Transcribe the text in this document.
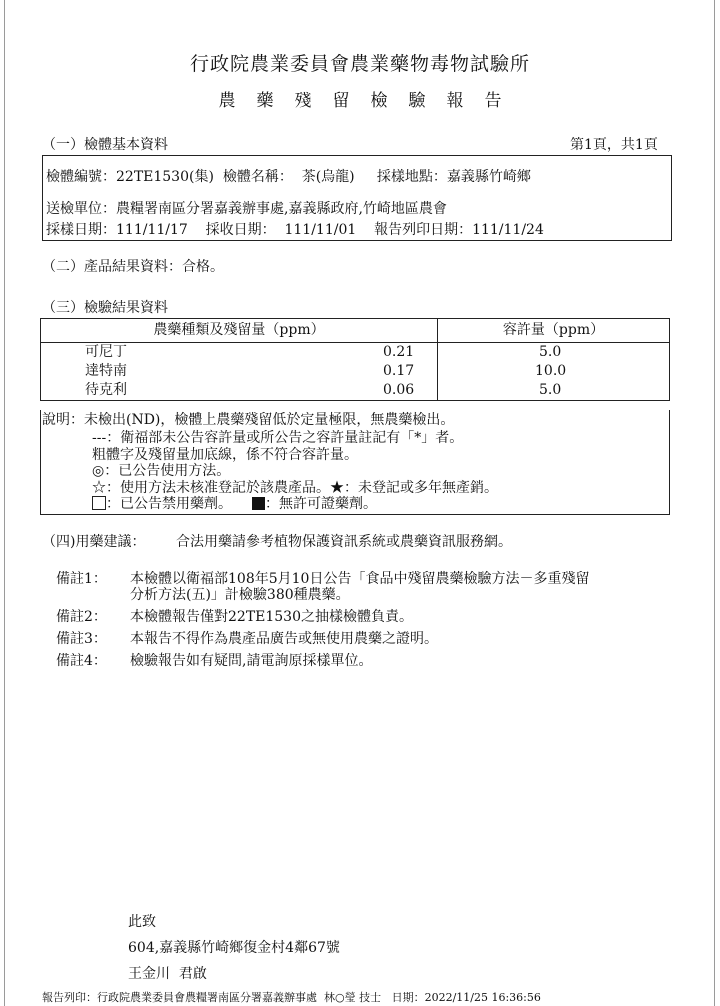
行政院農業委員會農業藥物毒物試驗所
農藥殘留檢驗報告
（一）檢體基本資料	第1頁，共1頁
檢體編號：22TE1530(集)  檢體名稱：  茶(烏龍)     採樣地點：嘉義縣竹崎鄉
送檢單位：農糧署南區分署嘉義辦事處,嘉義縣政府,竹崎地區農會
採樣日期：111/11/17    採收日期：  111/11/01    報告列印日期：111/11/24
（二）產品結果資料：合格。
（三）檢驗結果資料
農藥種類及殘留量（ppm）	容許量（ppm）
可尼丁 0.21	5.0
達特南 0.17	10.0
待克利 0.06	5.0
說明：未檢出(ND)，檢體上農藥殘留低於定量極限，無農藥檢出。
---：衛福部未公告容許量或所公告之容許量註記有「*」者。
粗體字及殘留量加底線，係不符合容許量。
◎：已公告使用方法。
☆：使用方法未核准登記於該農產品。★：未登記或多年無產銷。
：已公告禁用藥劑。 ：無許可證藥劑。
（四)用藥建議： 合法用藥請參考植物保護資訊系統或農藥資訊服務網。
備註1： 本檢體以衛福部108年5月10日公告「食品中殘留農藥檢驗方法－多重殘留
分析方法(五)」計檢驗380種農藥。
備註2： 本檢體報告僅對22TE1530之抽樣檢體負責。
備註3： 本報告不得作為農產品廣告或無使用農藥之證明。
備註4： 檢驗報告如有疑問,請電詢原採樣單位。
此致
604,嘉義縣竹崎鄉復金村4鄰67號
王金川  君啟
報告列印：行政院農業委員會農糧署南區分署嘉義辦事處  林○瑩 技士   日期：2022/11/25 16:36:56
